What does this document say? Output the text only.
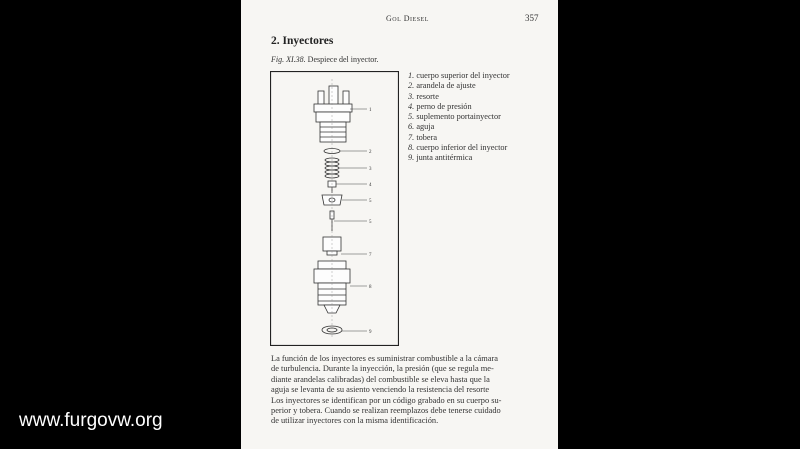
Gol Diesel	357
2. Inyectores
Fig. XI.38. Despiece del inyector.
1
2
3
4
5
5
7
8
9
1. cuerpo superior del inyector
2. arandela de ajuste
3. resorte
4. perno de presión
5. suplemento portainyector
6. aguja
7. tobera
8. cuerpo inferior del inyector
9. junta antitérmica

La función de los inyectores es suministrar combustible a la cámara
de turbulencia. Durante la inyección, la presión (que se regula me-
diante arandelas calibradas) del combustible se eleva hasta que la
aguja se levanta de su asiento venciendo la resistencia del resorte
Los inyectores se identifican por un código grabado en su cuerpo su-
perior y tobera. Cuando se realizan reemplazos debe tenerse cuidado
de utilizar inyectores con la misma identificación.

www.furgovw.org
